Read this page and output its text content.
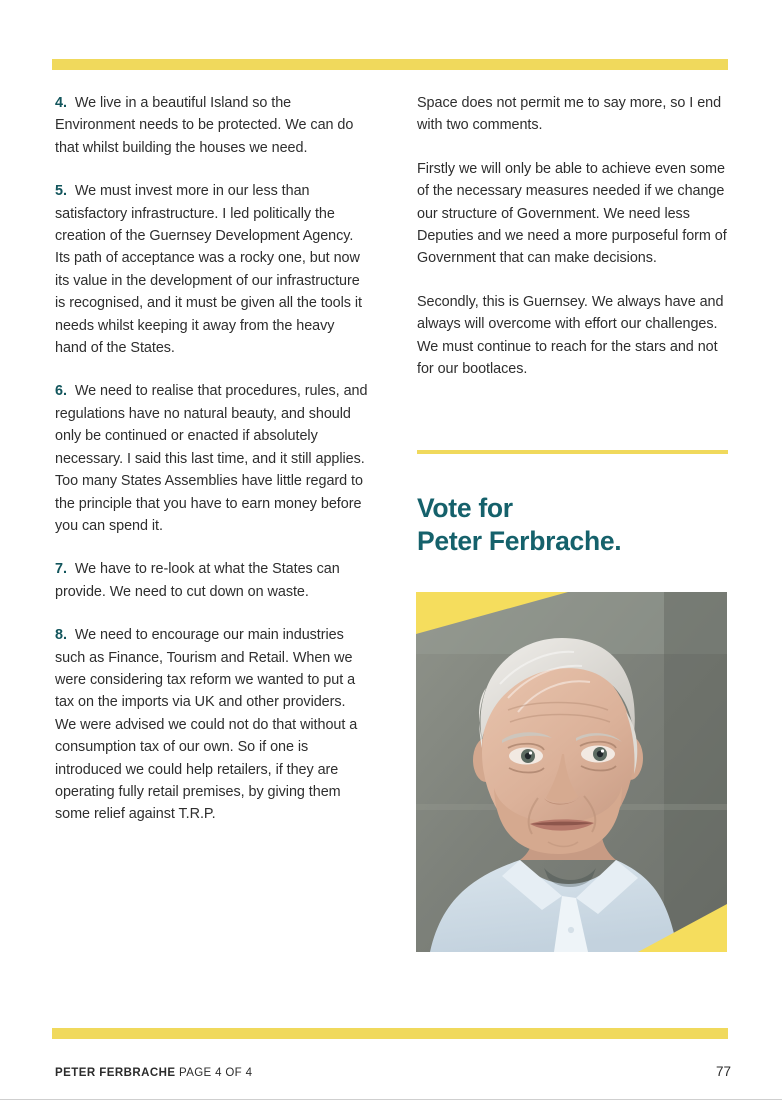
4. We live in a beautiful Island so the Environment needs to be protected. We can do that whilst building the houses we need.

5. We must invest more in our less than satisfactory infrastructure. I led politically the creation of the Guernsey Development Agency. Its path of acceptance was a rocky one, but now its value in the development of our infrastructure is recognised, and it must be given all the tools it needs whilst keeping it away from the heavy hand of the States.

6. We need to realise that procedures, rules, and regulations have no natural beauty, and should only be continued or enacted if absolutely necessary. I said this last time, and it still applies. Too many States Assemblies have little regard to the principle that you have to earn money before you can spend it.

7. We have to re-look at what the States can provide. We need to cut down on waste.

8. We need to encourage our main industries such as Finance, Tourism and Retail. When we were considering tax reform we wanted to put a tax on the imports via UK and other providers. We were advised we could not do that without a consumption tax of our own. So if one is introduced we could help retailers, if they are operating fully retail premises, by giving them some relief against T.R.P.

Space does not permit me to say more, so I end with two comments.

Firstly we will only be able to achieve even some of the necessary measures needed if we change our structure of Government. We need less Deputies and we need a more purposeful form of Government that can make decisions.

Secondly, this is Guernsey. We always have and always will overcome with effort our challenges. We must continue to reach for the stars and not for our bootlaces.

Vote for
Peter Ferbrache.
PETER FERBRACHE PAGE 4 OF 4	77
